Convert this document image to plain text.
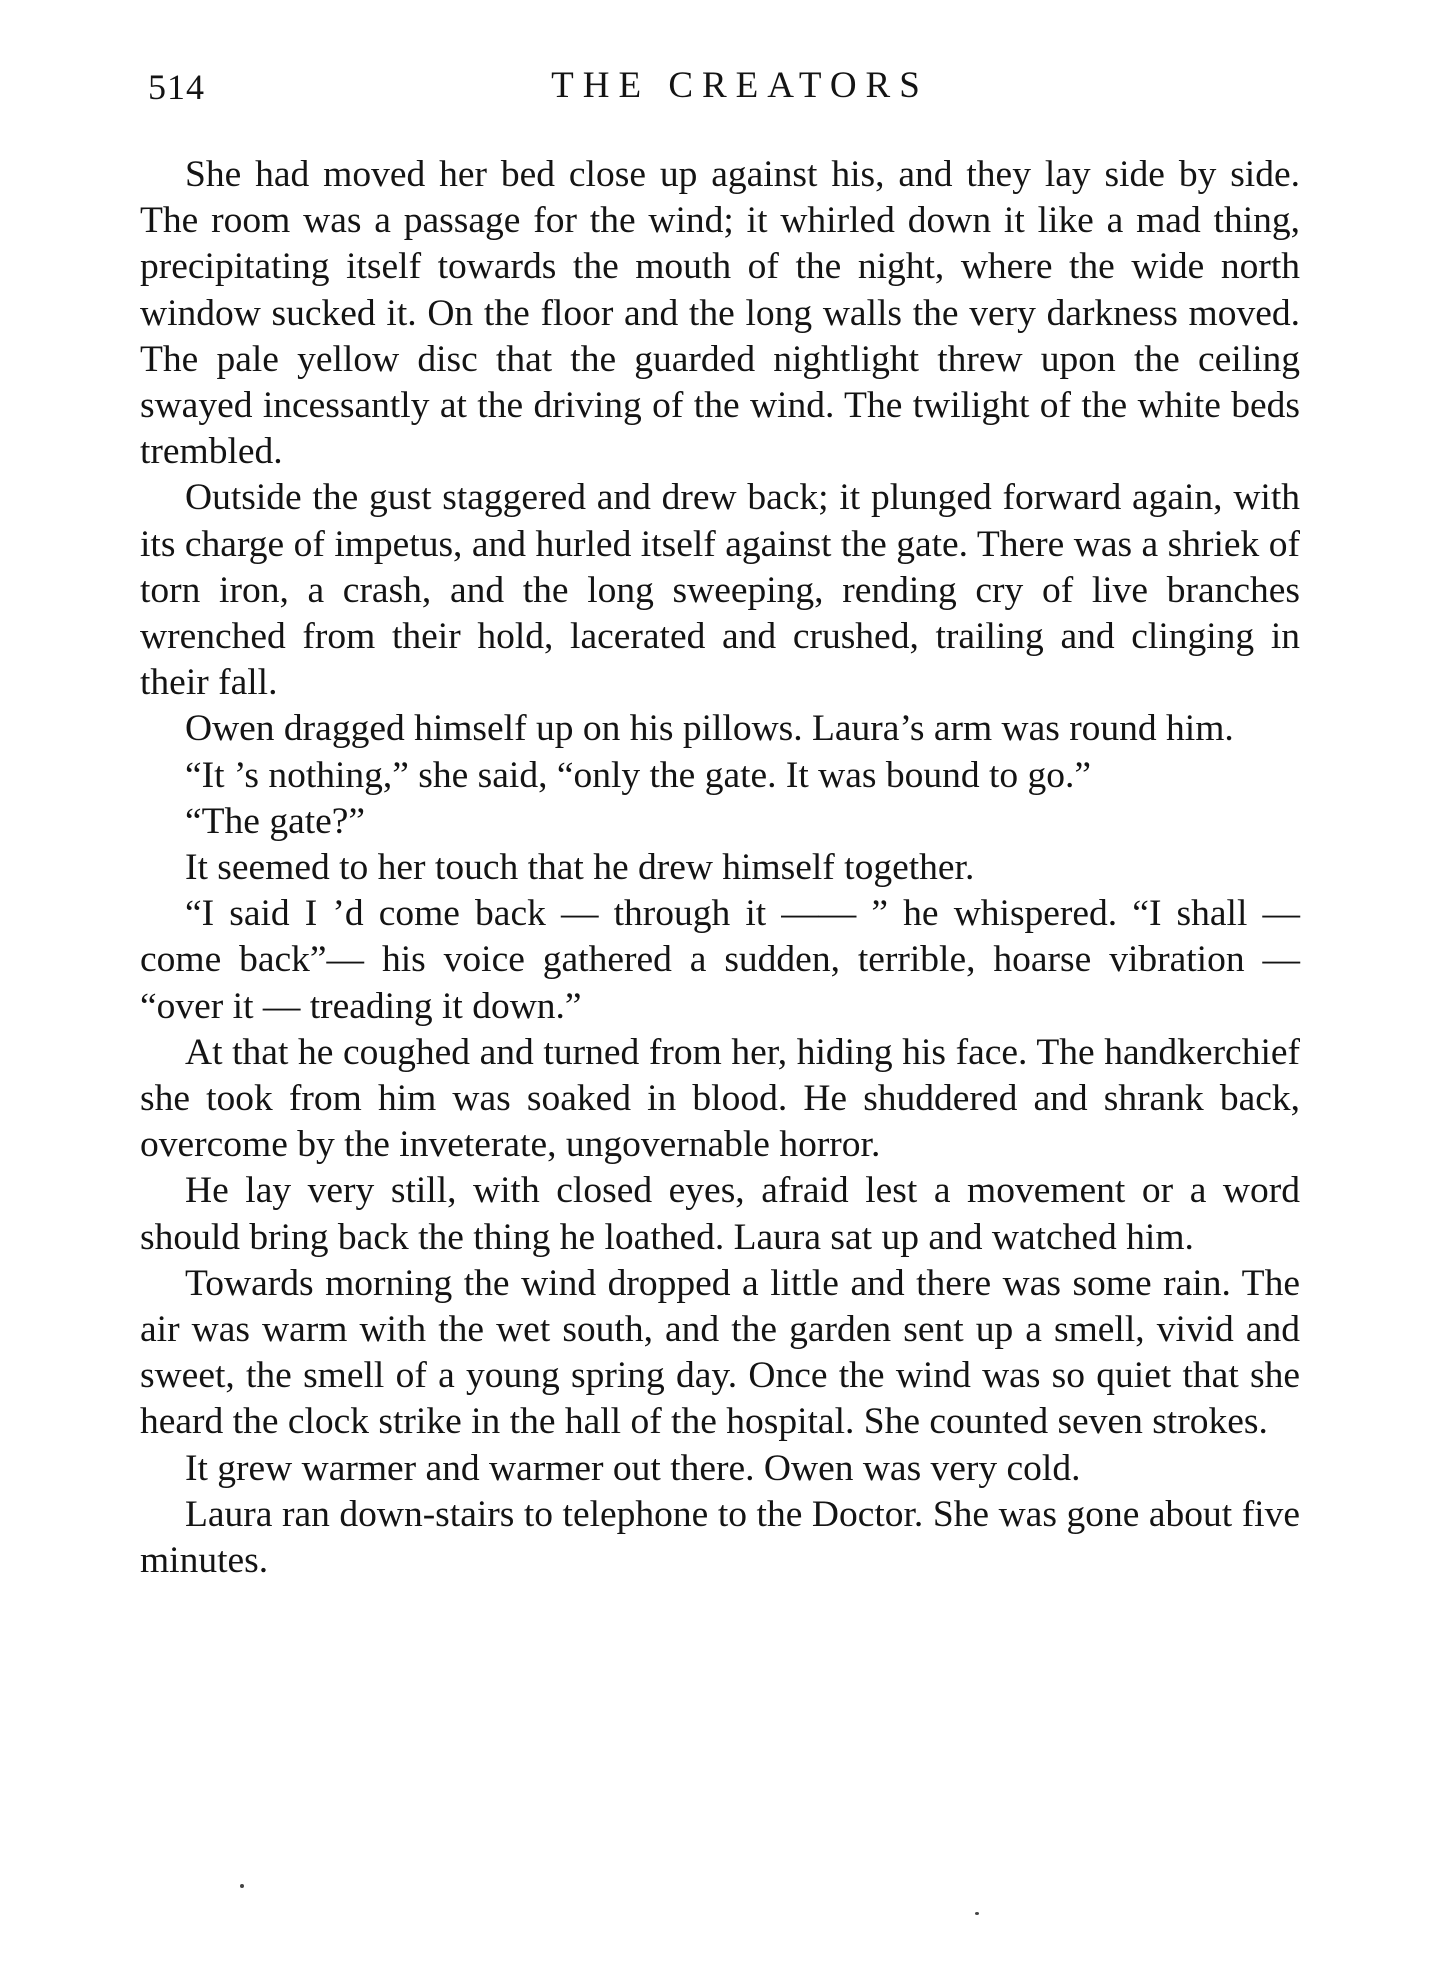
514	THE CREATORS

She had moved her bed close up against his, and they lay side by side. The room was a passage for the wind; it whirled down it like a mad thing, precipitating itself towards the mouth of the night, where the wide north window sucked it. On the floor and the long walls the very darkness moved. The pale yellow disc that the guarded nightlight threw upon the ceiling swayed incessantly at the driving of the wind. The twilight of the white beds trembled.

Outside the gust staggered and drew back; it plunged forward again, with its charge of impetus, and hurled itself against the gate. There was a shriek of torn iron, a crash, and the long sweeping, rending cry of live branches wrenched from their hold, lacerated and crushed, trailing and clinging in their fall.

Owen dragged himself up on his pillows. Laura’s arm was round him.

“It ’s nothing,” she said, “only the gate. It was bound to go.”

“The gate?”

It seemed to her touch that he drew himself together.

“I said I ’d come back — through it —— ” he whispered. “I shall — come back”— his voice gathered a sudden, terrible, hoarse vibration — “over it — treading it down.”

At that he coughed and turned from her, hiding his face. The handkerchief she took from him was soaked in blood. He shuddered and shrank back, overcome by the inveterate, ungovernable horror.

He lay very still, with closed eyes, afraid lest a movement or a word should bring back the thing he loathed. Laura sat up and watched him.

Towards morning the wind dropped a little and there was some rain. The air was warm with the wet south, and the garden sent up a smell, vivid and sweet, the smell of a young spring day. Once the wind was so quiet that she heard the clock strike in the hall of the hospital. She counted seven strokes.

It grew warmer and warmer out there. Owen was very cold.

Laura ran down-stairs to telephone to the Doctor. She was gone about five minutes.
